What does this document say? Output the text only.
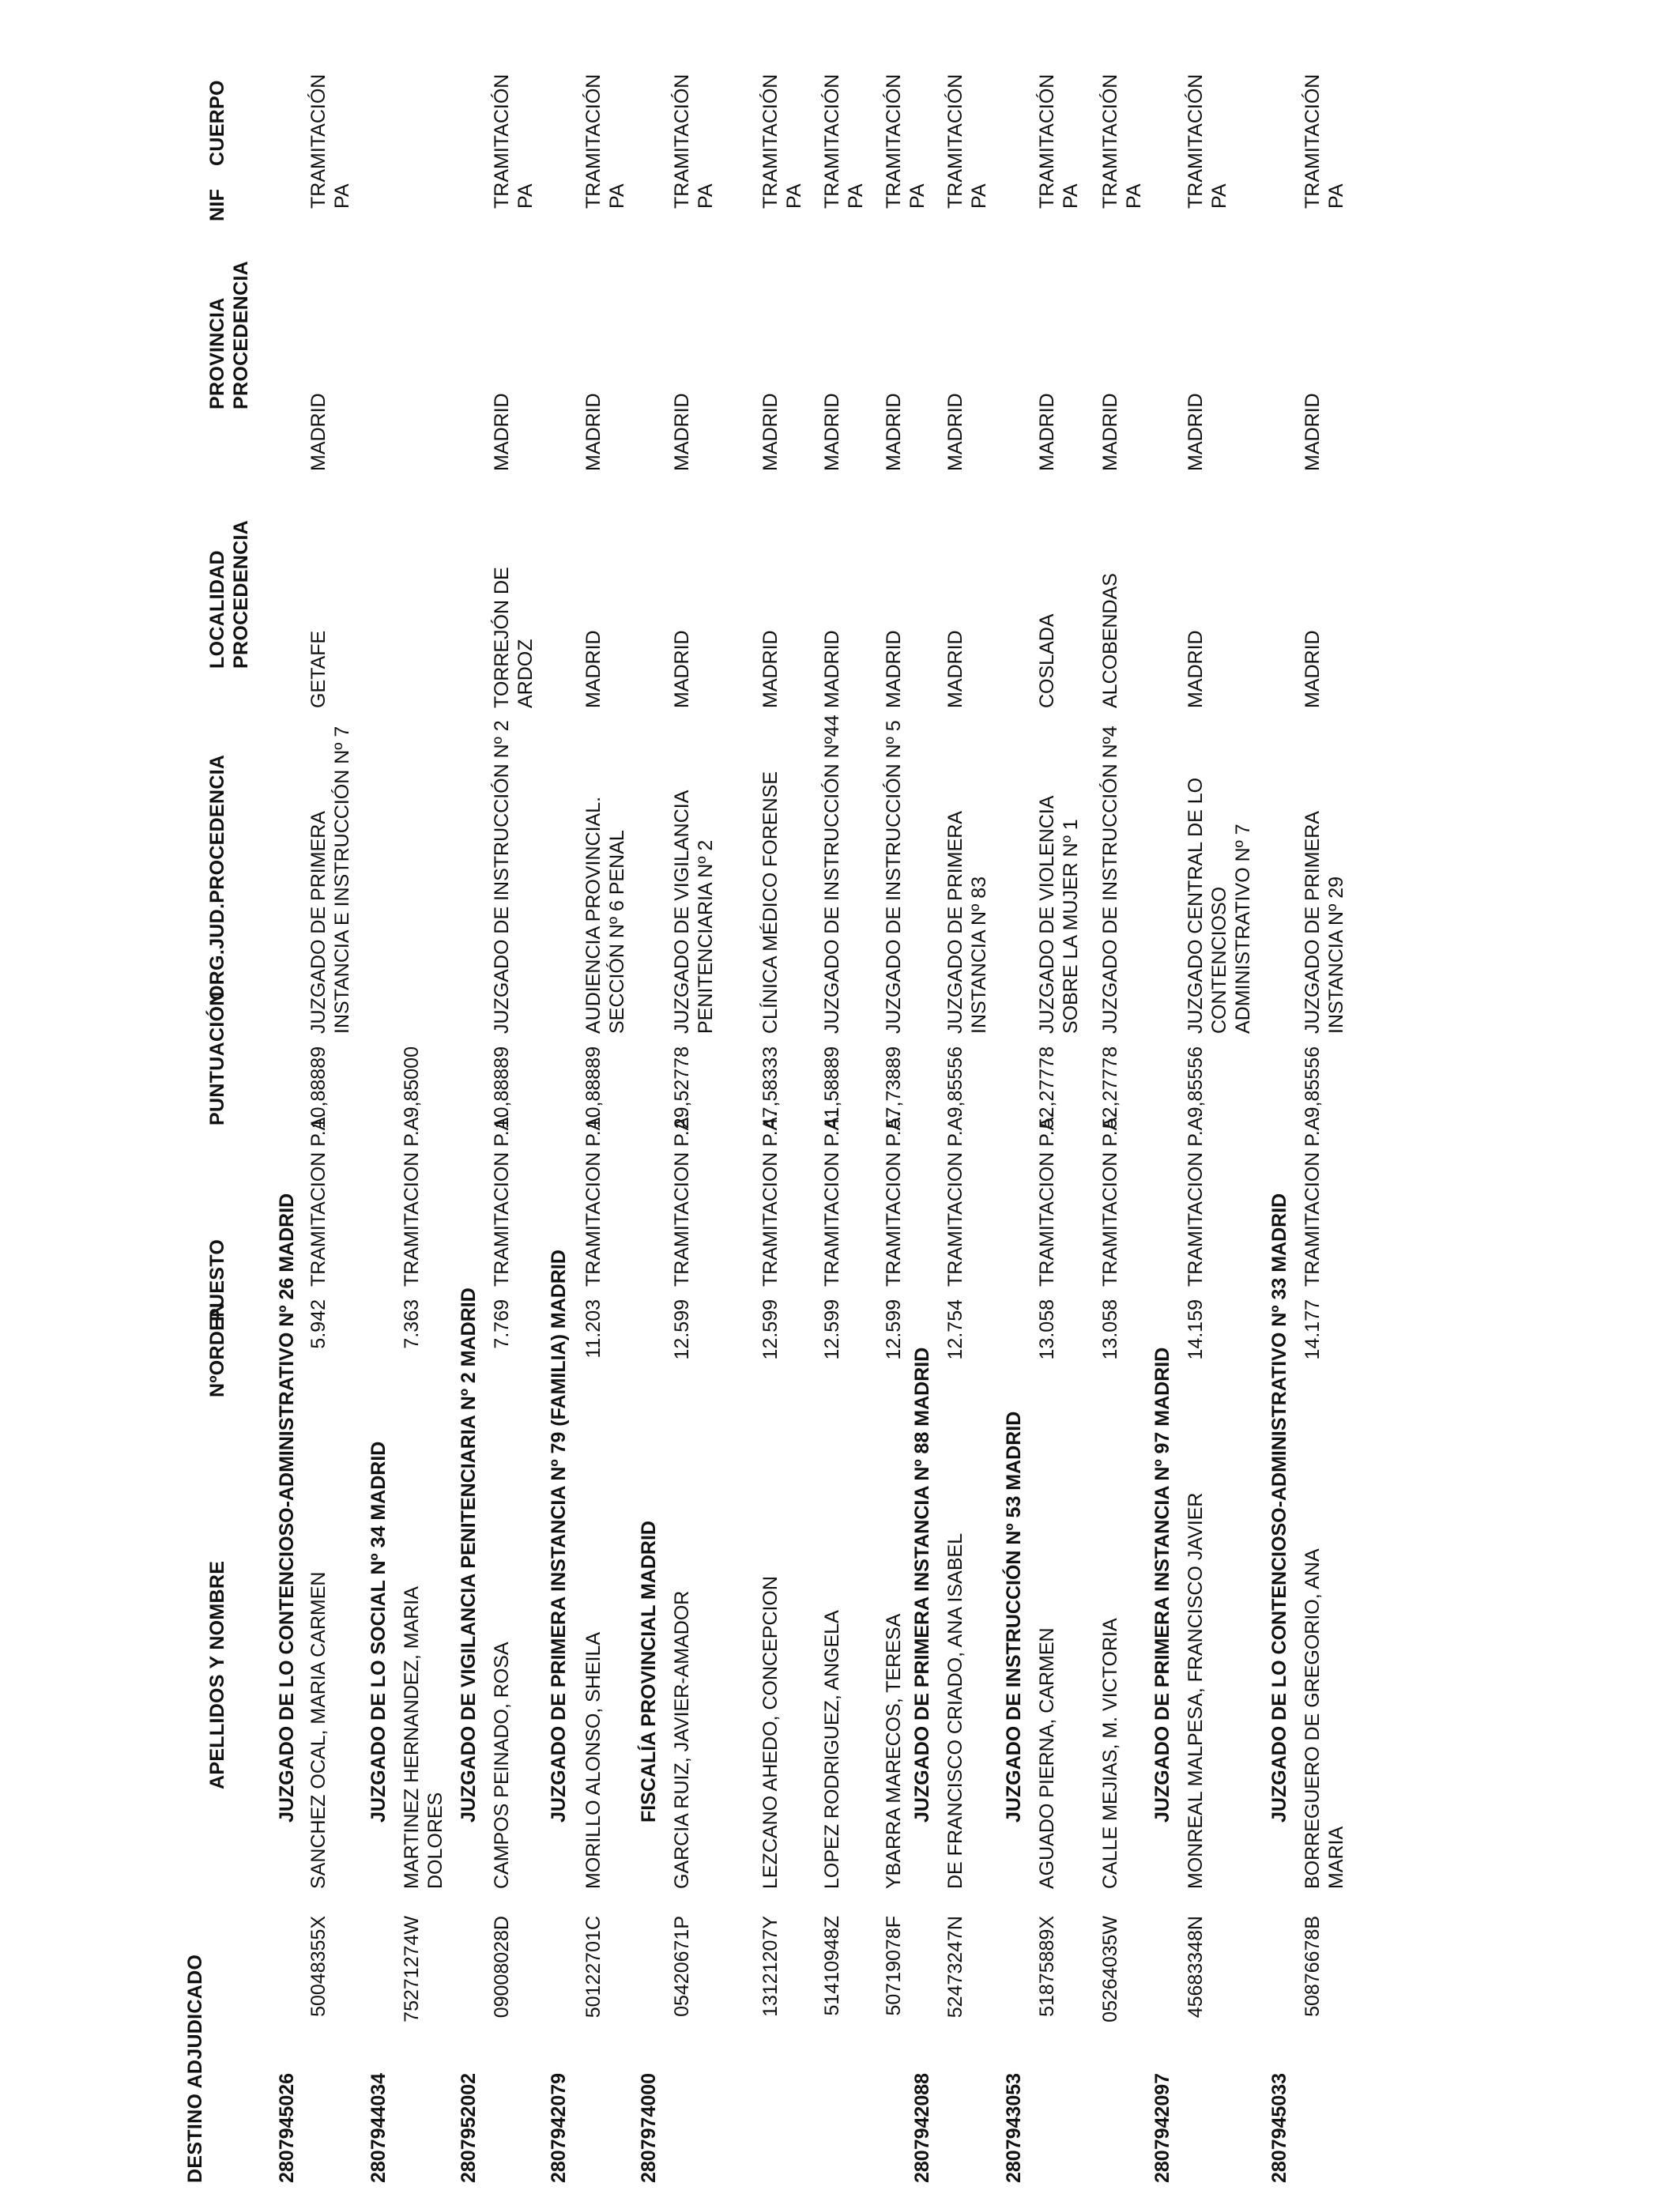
DESTINO ADJUDICADO
NIF
APELLIDOS Y NOMBRE
NºORDEN
PUESTO
PUNTUACIÓN
ORG.JUD.PROCEDENCIA
LOCALIDAD PROCEDENCIA
PROVINCIA PROCEDENCIA
CUERPO
2807945026
JUZGADO DE LO CONTENCIOSO-ADMINISTRATIVO Nº 26 MADRID
50048355X
SANCHEZ OCAL, MARIA CARMEN
5.942
TRAMITACION P.A.
10,88889
JUZGADO DE PRIMERA INSTANCIA E INSTRUCCIÓN Nº 7
GETAFE
MADRID
TRAMITACIÓN PA
2807944034
JUZGADO DE LO SOCIAL Nº 34 MADRID
75271274W
MARTINEZ HERNANDEZ, MARIA DOLORES
7.363
TRAMITACION P.A.
9,85000
2807952002
JUZGADO DE VIGILANCIA PENITENCIARIA Nº 2 MADRID
09008028D
CAMPOS PEINADO, ROSA
7.769
TRAMITACION P.A.
10,88889
JUZGADO DE INSTRUCCIÓN Nº 2
TORREJÓN DE ARDOZ
MADRID
TRAMITACIÓN PA
2807942079
JUZGADO DE PRIMERA INSTANCIA Nº 79 (FAMILIA) MADRID
50122701C
MORILLO ALONSO, SHEILA
11.203
TRAMITACION P.A.
10,88889
AUDIENCIA PROVINCIAL. SECCIÓN Nº 6 PENAL
MADRID
MADRID
TRAMITACIÓN PA
2807974000
FISCALÍA PROVINCIAL MADRID
05420671P
GARCIA RUIZ, JAVIER-AMADOR
12.599
TRAMITACION P.A.
29,52778
JUZGADO DE VIGILANCIA PENITENCIARIA Nº 2
MADRID
MADRID
TRAMITACIÓN PA
13121207Y
LEZCANO AHEDO, CONCEPCION
12.599
TRAMITACION P.A.
47,58333
CLÍNICA MÉDICO FORENSE
MADRID
MADRID
TRAMITACIÓN PA
51410948Z
LOPEZ RODRIGUEZ, ANGELA
12.599
TRAMITACION P.A.
41,58889
JUZGADO DE INSTRUCCIÓN Nº44
MADRID
MADRID
TRAMITACIÓN PA
50719078F
YBARRA MARECOS, TERESA
12.599
TRAMITACION P.A.
57,73889
JUZGADO DE INSTRUCCIÓN Nº 5
MADRID
MADRID
TRAMITACIÓN PA
2807942088
JUZGADO DE PRIMERA INSTANCIA Nº 88 MADRID
52473247N
DE FRANCISCO CRIADO, ANA ISABEL
12.754
TRAMITACION P.A.
9,85556
JUZGADO DE PRIMERA INSTANCIA Nº 83
MADRID
MADRID
TRAMITACIÓN PA
2807943053
JUZGADO DE INSTRUCCIÓN Nº 53 MADRID
51875889X
AGUADO PIERNA, CARMEN
13.058
TRAMITACION P.A.
52,27778
JUZGADO DE VIOLENCIA SOBRE LA MUJER Nº 1
COSLADA
MADRID
TRAMITACIÓN PA
05264035W
CALLE MEJIAS, M. VICTORIA
13.058
TRAMITACION P.A.
52,27778
JUZGADO DE INSTRUCCIÓN Nº4
ALCOBENDAS
MADRID
TRAMITACIÓN PA
2807942097
JUZGADO DE PRIMERA INSTANCIA Nº 97 MADRID
45683348N
MONREAL MALPESA, FRANCISCO JAVIER
14.159
TRAMITACION P.A.
9,85556
JUZGADO CENTRAL DE LO CONTENCIOSO ADMINISTRATIVO Nº 7
MADRID
MADRID
TRAMITACIÓN PA
2807945033
JUZGADO DE LO CONTENCIOSO-ADMINISTRATIVO Nº 33 MADRID
50876678B
BORREGUERO DE GREGORIO, ANA MARIA
14.177
TRAMITACION P.A.
9,85556
JUZGADO DE PRIMERA INSTANCIA Nº 29
MADRID
MADRID
TRAMITACIÓN PA
